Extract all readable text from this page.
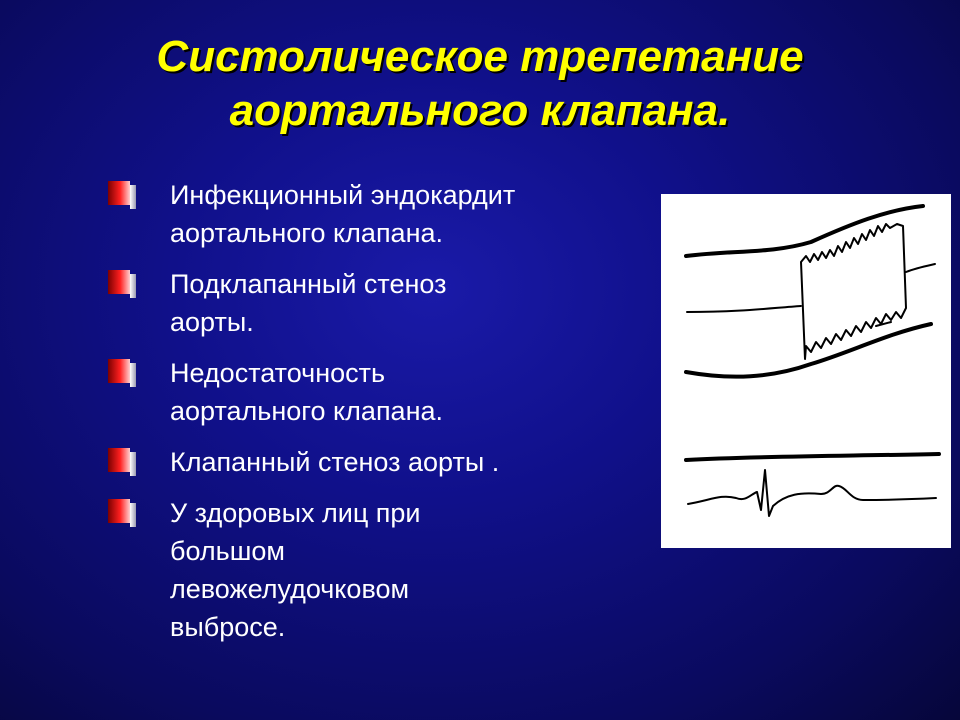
Систолическое трепетание
аортального клапана.
Инфекционный эндокардит
аортального клапана.
Подклапанный стеноз
аорты.
Недостаточность
аортального клапана.
Клапанный стеноз аорты .
У здоровых лиц при
большом
левожелудочковом
выбросе.
